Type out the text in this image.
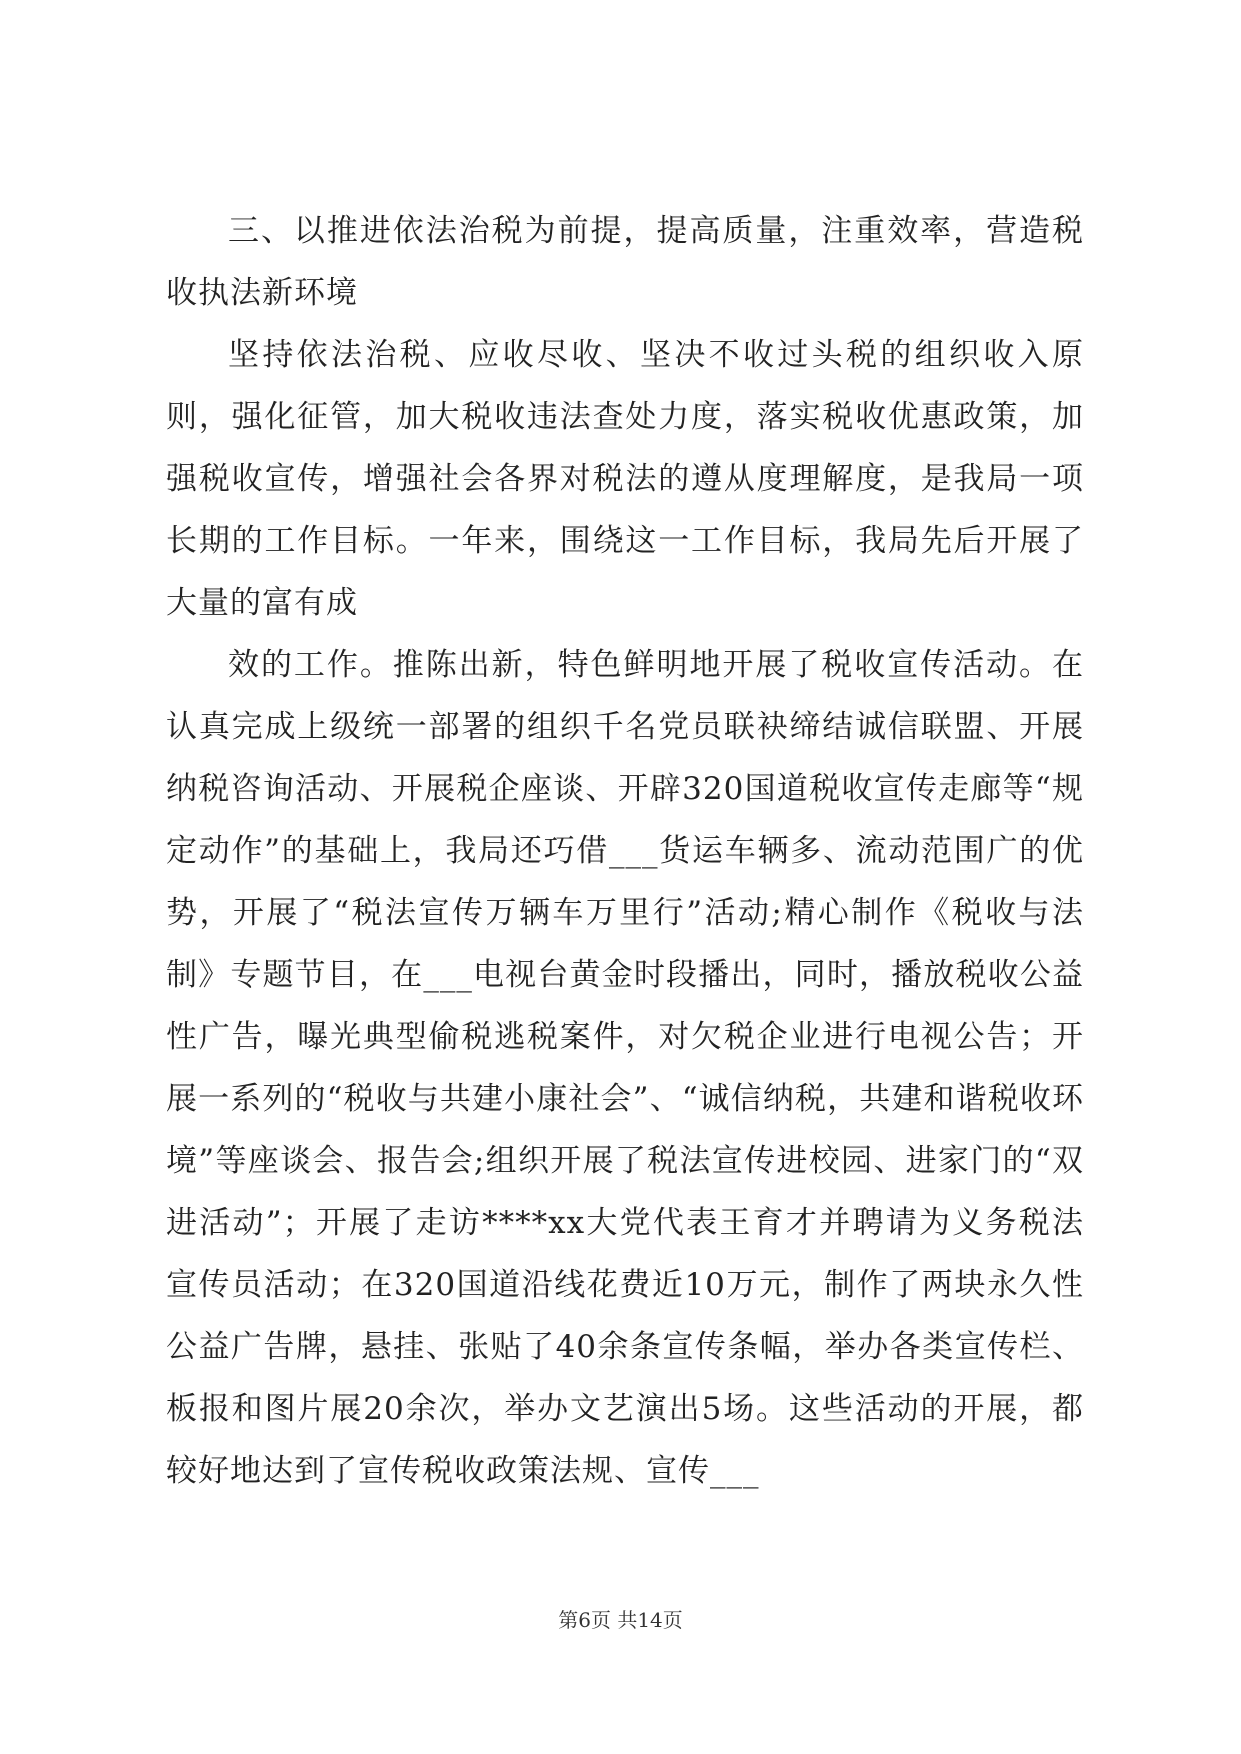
三、以推进依法治税为前提，提高质量，注重效率，营造税收执法新环境

坚持依法治税、应收尽收、坚决不收过头税的组织收入原则，强化征管，加大税收违法查处力度，落实税收优惠政策，加强税收宣传，增强社会各界对税法的遵从度理解度，是我局一项长期的工作目标。一年来，围绕这一工作目标，我局先后开展了大量的富有成

效的工作。推陈出新，特色鲜明地开展了税收宣传活动。在认真完成上级统一部署的组织千名党员联袂缔结诚信联盟、开展纳税咨询活动、开展税企座谈、开辟320国道税收宣传走廊等“规定动作”的基础上，我局还巧借___货运车辆多、流动范围广的优势，开展了“税法宣传万辆车万里行”活动;精心制作《税收与法制》专题节目，在___电视台黄金时段播出，同时，播放税收公益性广告，曝光典型偷税逃税案件，对欠税企业进行电视公告；开展一系列的“税收与共建小康社会”、“诚信纳税，共建和谐税收环境”等座谈会、报告会;组织开展了税法宣传进校园、进家门的“双进活动”；开展了走访****xx大党代表王育才并聘请为义务税法宣传员活动；在320国道沿线花费近10万元，制作了两块永久性公益广告牌，悬挂、张贴了40余条宣传条幅，举办各类宣传栏、板报和图片展20余次，举办文艺演出5场。这些活动的开展，都较好地达到了宣传税收政策法规、宣传___

第6页 共14页
